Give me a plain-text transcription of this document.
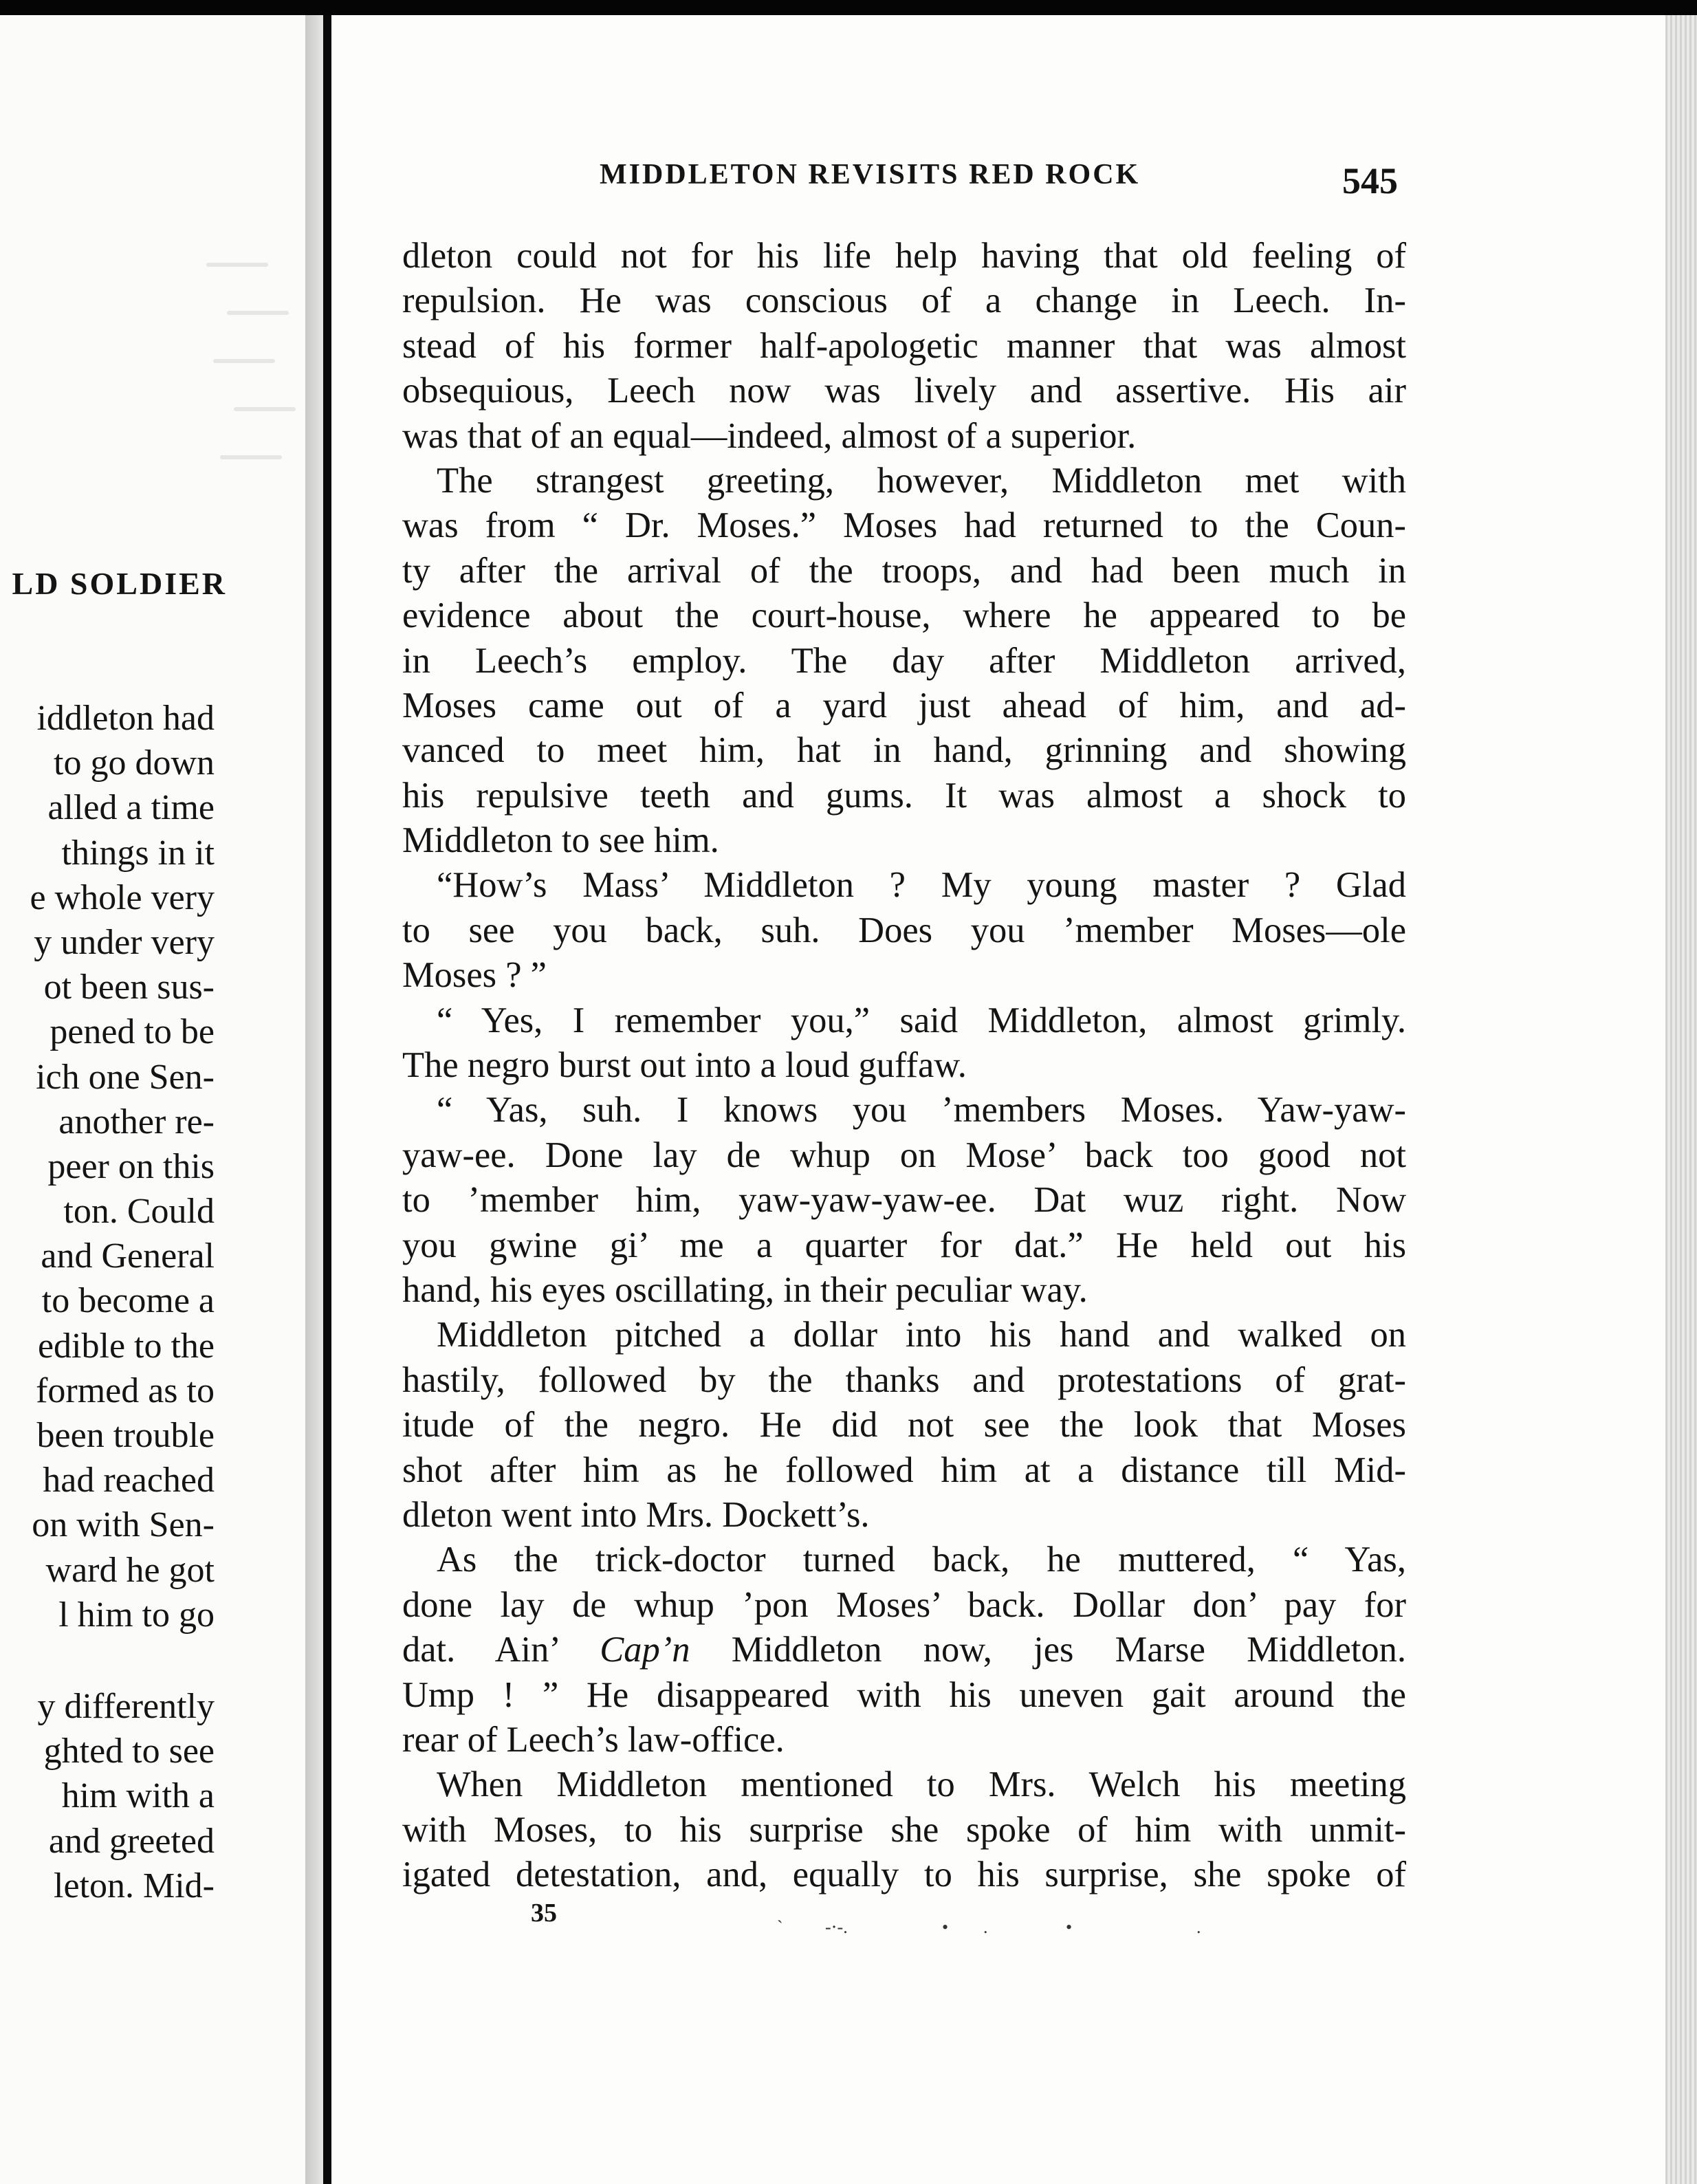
LD SOLDIER
iddleton had
to go down
alled a time
things in it
e whole very
y under very
ot been sus-
pened to be
ich one Sen-
another re-
peer on this
ton. Could
and General
to become a
edible to the
formed as to
been trouble
had reached
on with Sen-
ward he got
l him to go
y differently
ghted to see
him with a
and greeted
leton. Mid-
MIDDLETON REVISITS RED ROCK	545
dleton could not for his life help having that old feeling of
repulsion. He was conscious of a change in Leech. In-
stead of his former half-apologetic manner that was almost
obsequious, Leech now was lively and assertive. His air
was that of an equal—indeed, almost of a superior.
The strangest greeting, however, Middleton met with
was from “ Dr. Moses.” Moses had returned to the Coun-
ty after the arrival of the troops, and had been much in
evidence about the court-house, where he appeared to be
in Leech’s employ. The day after Middleton arrived,
Moses came out of a yard just ahead of him, and ad-
vanced to meet him, hat in hand, grinning and showing
his repulsive teeth and gums. It was almost a shock to
Middleton to see him.
“How’s Mass’ Middleton ? My young master ? Glad
to see you back, suh. Does you ’member Moses—ole
Moses ? ”
“ Yes, I remember you,” said Middleton, almost grimly.
The negro burst out into a loud guffaw.
“ Yas, suh. I knows you ’members Moses. Yaw-yaw-
yaw-ee. Done lay de whup on Mose’ back too good not
to ’member him, yaw-yaw-yaw-ee. Dat wuz right. Now
you gwine gi’ me a quarter for dat.” He held out his
hand, his eyes oscillating, in their peculiar way.
Middleton pitched a dollar into his hand and walked on
hastily, followed by the thanks and protestations of grat-
itude of the negro. He did not see the look that Moses
shot after him as he followed him at a distance till Mid-
dleton went into Mrs. Dockett’s.
As the trick-doctor turned back, he muttered, “ Yas,
done lay de whup ’pon Moses’ back. Dollar don’ pay for
dat. Ain’ Cap’n Middleton now, jes Marse Middleton.
Ump ! ” He disappeared with his uneven gait around the
rear of Leech’s law-office.
When Middleton mentioned to Mrs. Welch his meeting
with Moses, to his surprise she spoke of him with unmit-
igated detestation, and, equally to his surprise, she spoke of
35	ˋ -⋅-.	• .	•	.
